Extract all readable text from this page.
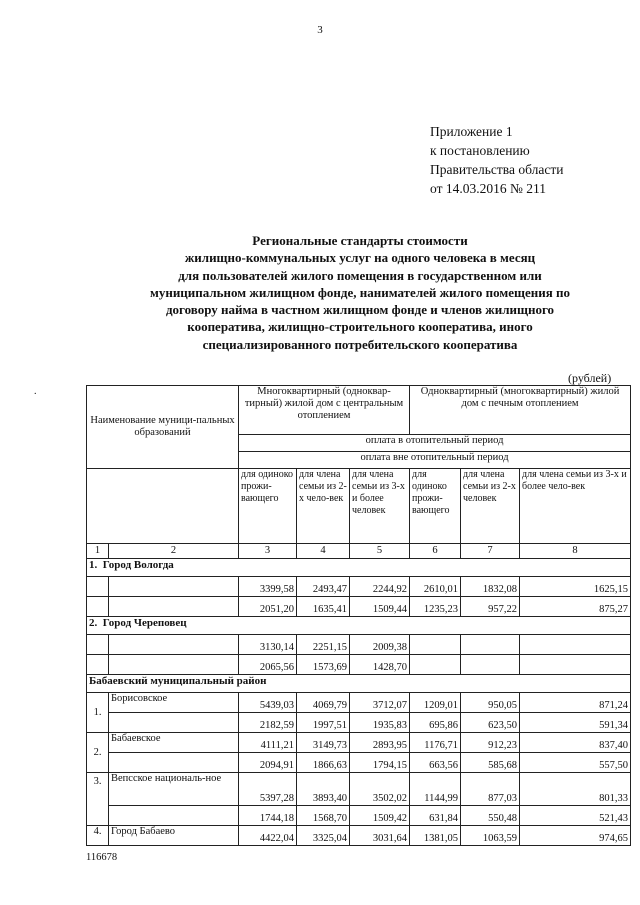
3
Приложение 1
к постановлению
Правительства области
от 14.03.2016 № 211
Региональные стандарты стоимости
жилищно-коммунальных услуг на одного человека в месяц
для пользователей жилого помещения в государственном или
муниципальном жилищном фонде, нанимателей жилого помещения по
договору найма в частном жилищном фонде и членов жилищного
кооператива, жилищно-строительного кооператива, иного
специализированного потребительского кооператива
(рублей)
.
Наименование муници-пальных образований		Многоквартирный (одноквар-тирный) жилой дом с центральным отоплением			Одноквартирный (многоквартирный) жилой дом с печным отоплением		
		оплата в отопительный период					
		оплата вне отопительный период					
		для одиноко прожи-вающего	для члена семьи из 2-х чело-век	для члена семьи из 3-х и более человек	для одиноко прожи-вающего	для члена семьи из 2-х человек	для члена семьи из 3-х и более чело-век
1	2	3	4	5	6	7	8
1. Город Вологда							
		3399,58	2493,47	2244,92	2610,01	1832,08	1625,15
		2051,20	1635,41	1509,44	1235,23	957,22	875,27
2. Город Череповец							
		3130,14	2251,15	2009,38			
		2065,56	1573,69	1428,70			
Бабаевский муниципальный район							
1.	Борисовское	5439,03	4069,79	3712,07	1209,01	950,05	871,24
		2182,59	1997,51	1935,83	695,86	623,50	591,34
2.	Бабаевское	4111,21	3149,73	2893,95	1176,71	912,23	837,40
		2094,91	1866,63	1794,15	663,56	585,68	557,50
3.	Вепсское националь-ное	5397,28	3893,40	3502,02	1144,99	877,03	801,33
		1744,18	1568,70	1509,42	631,84	550,48	521,43
4.	Город Бабаево	4422,04	3325,04	3031,64	1381,05	1063,59	974,65
116678
